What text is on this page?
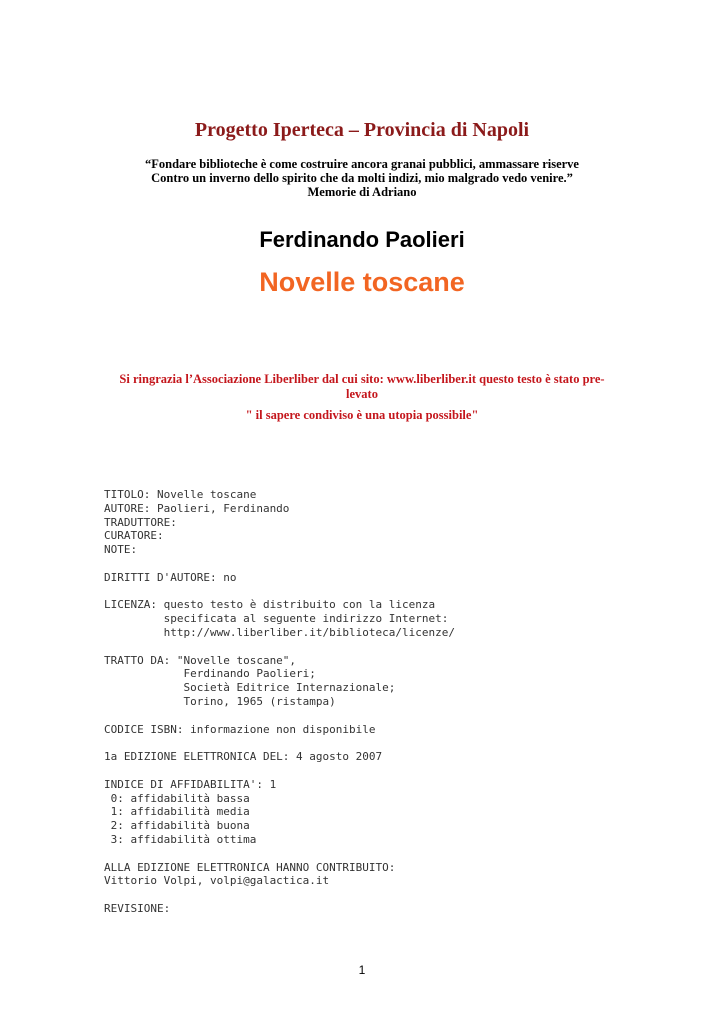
Progetto Iperteca – Provincia di Napoli
“Fondare biblioteche è come costruire ancora granai pubblici, ammassare riserve
Contro un inverno dello spirito che da molti indizi, mio malgrado vedo venire.”
Memorie di Adriano
Ferdinando Paolieri
Novelle toscane
Si ringrazia l’Associazione Liberliber dal cui sito: www.liberliber.it questo testo è stato pre-
levato
" il sapere condiviso è una utopia possibile"
TITOLO: Novelle toscane
AUTORE: Paolieri, Ferdinando
TRADUTTORE:
CURATORE:
NOTE:
DIRITTI D'AUTORE: no
LICENZA: questo testo è distribuito con la licenza
specificata al seguente indirizzo Internet:
http://www.liberliber.it/biblioteca/licenze/
TRATTO DA: "Novelle toscane",
Ferdinando Paolieri;
Società Editrice Internazionale;
Torino, 1965 (ristampa)
CODICE ISBN: informazione non disponibile
1a EDIZIONE ELETTRONICA DEL: 4 agosto 2007
INDICE DI AFFIDABILITA': 1
0: affidabilità bassa
1: affidabilità media
2: affidabilità buona
3: affidabilità ottima
ALLA EDIZIONE ELETTRONICA HANNO CONTRIBUITO:
Vittorio Volpi, volpi@galactica.it
REVISIONE:

1
